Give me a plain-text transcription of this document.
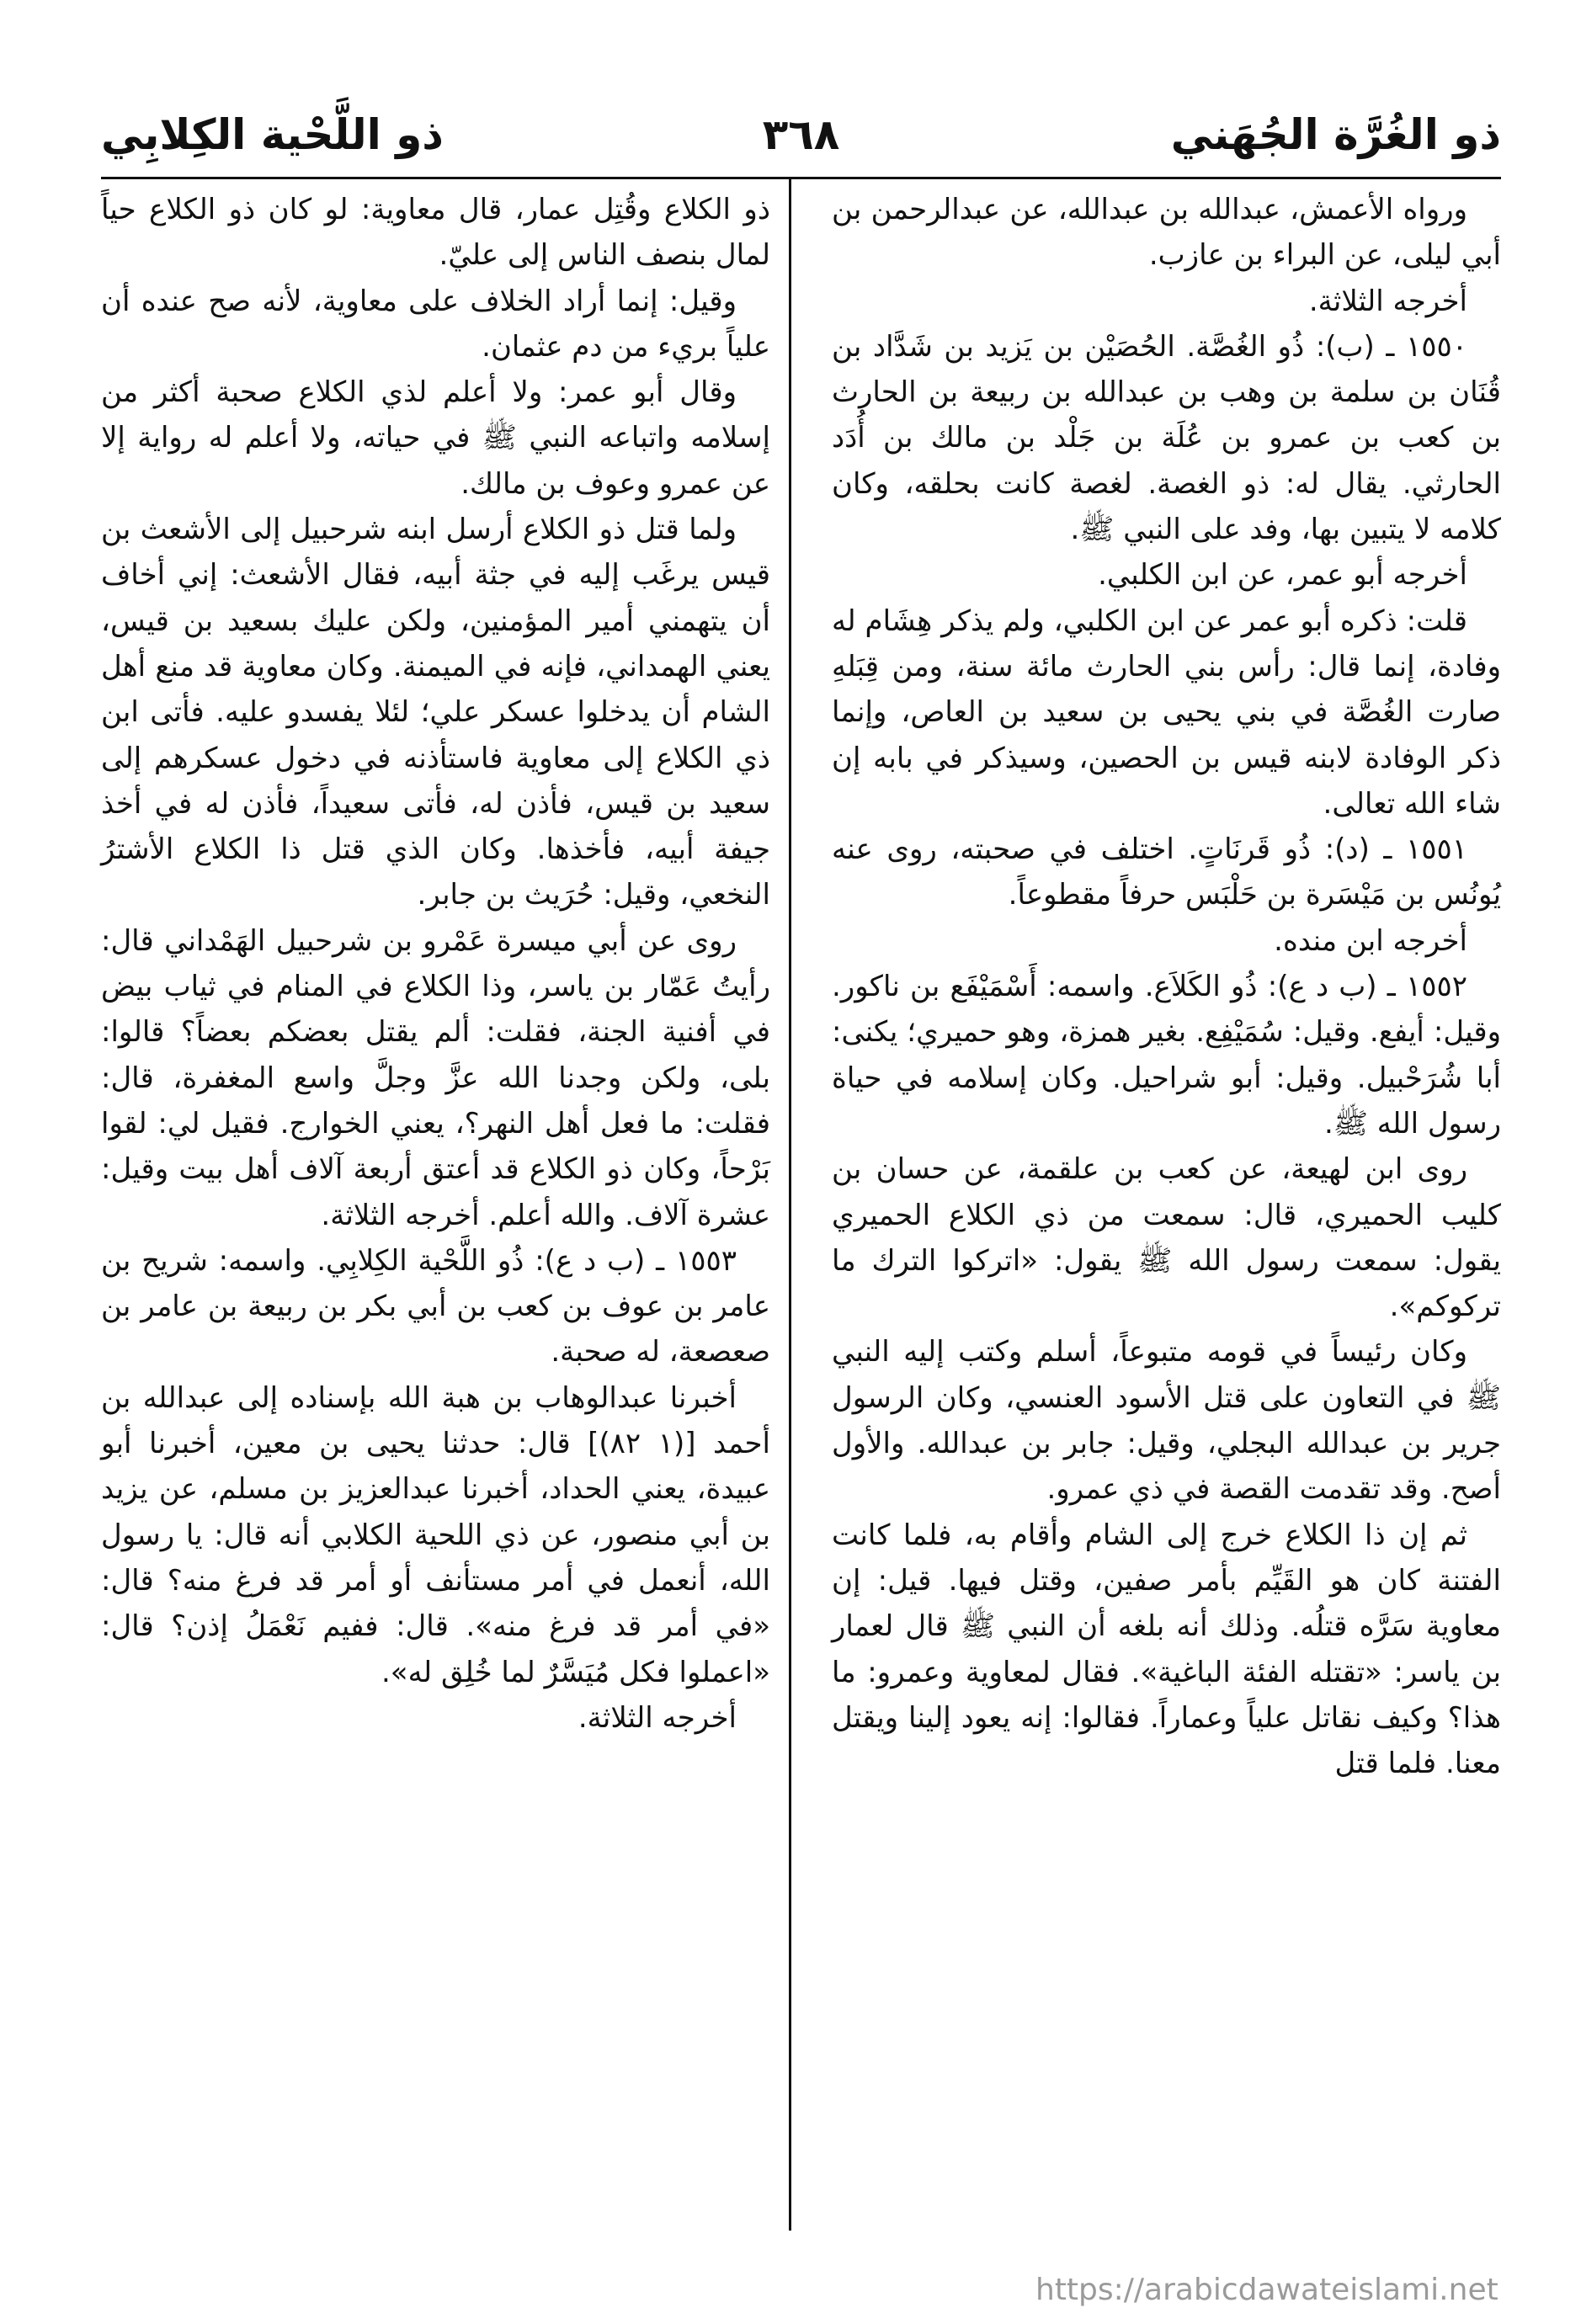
ذو الغُرَّة الجُهَني
٣٦٨
ذو اللَّحْية الكِلابِي

ورواه الأعمش، عبدالله بن عبدالله، عن عبدالرحمن بن أبي ليلى، عن البراء بن عازب.

أخرجه الثلاثة.

١٥٥٠ ـ (ب): ذُو الغُصَّة. الحُصَيْن بن يَزيد بن شَدَّاد بن قُنَان بن سلمة بن وهب بن عبدالله بن ربيعة بن الحارث بن كعب بن عمرو بن عُلَة بن جَلْد بن مالك بن أُدَد الحارثي. يقال له: ذو الغصة. لغصة كانت بحلقه، وكان كلامه لا يتبين بها، وفد على النبي ﷺ.

أخرجه أبو عمر، عن ابن الكلبي.

قلت: ذكره أبو عمر عن ابن الكلبي، ولم يذكر هِشَام له وفادة، إنما قال: رأس بني الحارث مائة سنة، ومن قِبَلهِ صارت الغُصَّة في بني يحيى بن سعيد بن العاص، وإنما ذكر الوفادة لابنه قيس بن الحصين، وسيذكر في بابه إن شاء الله تعالى.

١٥٥١ ـ (د): ذُو قَرنَاتٍ. اختلف في صحبته، روى عنه يُونُس بن مَيْسَرة بن حَلْبَس حرفاً مقطوعاً.

أخرجه ابن منده.

١٥٥٢ ـ (ب د ع): ذُو الكَلاَع. واسمه: أَسْمَيْفَع بن ناكور. وقيل: أيفع. وقيل: سُمَيْفِع. بغير همزة، وهو حميري؛ يكنى: أبا شُرَحْبيل. وقيل: أبو شراحيل. وكان إسلامه في حياة رسول الله ﷺ.

روى ابن لهيعة، عن كعب بن علقمة، عن حسان بن كليب الحميري، قال: سمعت من ذي الكلاع الحميري يقول: سمعت رسول الله ﷺ يقول: «اتركوا الترك ما تركوكم».

وكان رئيساً في قومه متبوعاً، أسلم وكتب إليه النبي ﷺ في التعاون على قتل الأسود العنسي، وكان الرسول جرير بن عبدالله البجلي، وقيل: جابر بن عبدالله. والأول أصح. وقد تقدمت القصة في ذي عمرو.

ثم إن ذا الكلاع خرج إلى الشام وأقام به، فلما كانت الفتنة كان هو القَيِّم بأمر صفين، وقتل فيها. قيل: إن معاوية سَرَّه قتلُه. وذلك أنه بلغه أن النبي ﷺ قال لعمار بن ياسر: «تقتله الفئة الباغية». فقال لمعاوية وعمرو: ما هذا؟ وكيف نقاتل علياً وعماراً. فقالوا: إنه يعود إلينا ويقتل معنا. فلما قتل

ذو الكلاع وقُتِل عمار، قال معاوية: لو كان ذو الكلاع حياً لمال بنصف الناس إلى عليّ.

وقيل: إنما أراد الخلاف على معاوية، لأنه صح عنده أن علياً بريء من دم عثمان.

وقال أبو عمر: ولا أعلم لذي الكلاع صحبة أكثر من إسلامه واتباعه النبي ﷺ في حياته، ولا أعلم له رواية إلا عن عمرو وعوف بن مالك.

ولما قتل ذو الكلاع أرسل ابنه شرحبيل إلى الأشعث بن قيس يرغَب إليه في جثة أبيه، فقال الأشعث: إني أخاف أن يتهمني أمير المؤمنين، ولكن عليك بسعيد بن قيس، يعني الهمداني، فإنه في الميمنة. وكان معاوية قد منع أهل الشام أن يدخلوا عسكر علي؛ لئلا يفسدو عليه. فأتى ابن ذي الكلاع إلى معاوية فاستأذنه في دخول عسكرهم إلى سعيد بن قيس، فأذن له، فأتى سعيداً، فأذن له في أخذ جيفة أبيه، فأخذها. وكان الذي قتل ذا الكلاع الأشترُ النخعي، وقيل: حُرَيث بن جابر.

روى عن أبي ميسرة عَمْرو بن شرحبيل الهَمْداني قال: رأيتُ عَمّار بن ياسر، وذا الكلاع في المنام في ثياب بيض في أفنية الجنة، فقلت: ألم يقتل بعضكم بعضاً؟ قالوا: بلى، ولكن وجدنا الله عزَّ وجلَّ واسع المغفرة، قال: فقلت: ما فعل أهل النهر؟، يعني الخوارج. فقيل لي: لقوا بَرْحاً، وكان ذو الكلاع قد أعتق أربعة آلاف أهل بيت وقيل: عشرة آلاف. والله أعلم. أخرجه الثلاثة.

١٥٥٣ ـ (ب د ع): ذُو اللَّحْية الكِلابِي. واسمه: شريح بن عامر بن عوف بن كعب بن أبي بكر بن ربيعة بن عامر بن صعصعة، له صحبة.

أخبرنا عبدالوهاب بن هبة الله بإسناده إلى عبدالله بن أحمد [(١ ٨٢)] قال: حدثنا يحيى بن معين، أخبرنا أبو عبيدة، يعني الحداد، أخبرنا عبدالعزيز بن مسلم، عن يزيد بن أبي منصور، عن ذي اللحية الكلابي أنه قال: يا رسول الله، أنعمل في أمر مستأنف أو أمر قد فرغ منه؟ قال: «في أمر قد فرغ منه». قال: ففيم نَعْمَلُ إذن؟ قال: «اعملوا فكل مُيَسَّرٌ لما خُلِق له».

أخرجه الثلاثة.

https://arabicdawateislami.net
